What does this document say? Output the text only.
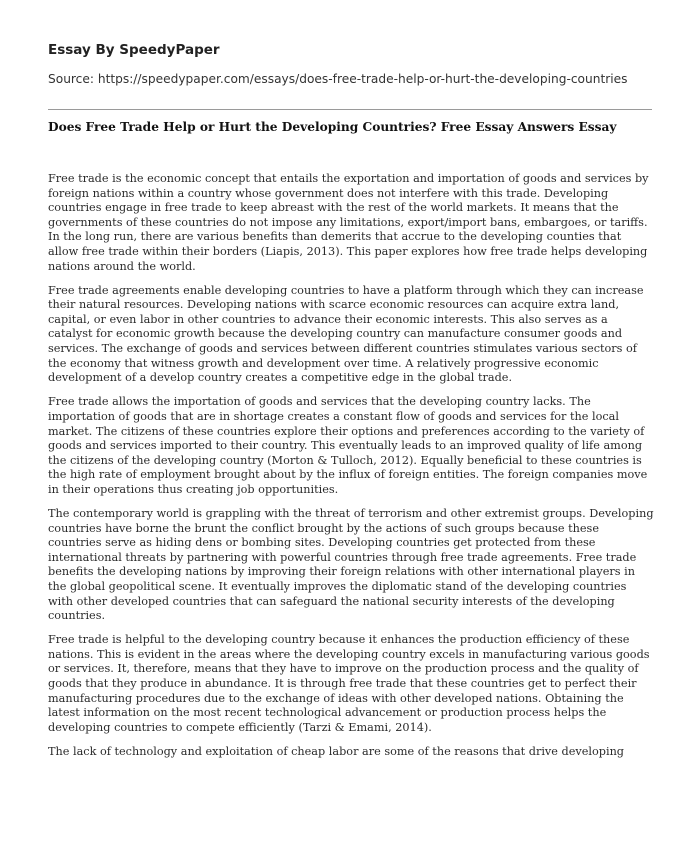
Essay By SpeedyPaper
Source: https://speedypaper.com/essays/does-free-trade-help-or-hurt-the-developing-countries
Does Free Trade Help or Hurt the Developing Countries? Free Essay Answers Essay

Free trade is the economic concept that entails the exportation and importation of goods and services by foreign nations within a country whose government does not interfere with this trade. Developing countries engage in free trade to keep abreast with the rest of the world markets. It means that the governments of these countries do not impose any limitations, export/import bans, embargoes, or tariffs. In the long run, there are various benefits than demerits that accrue to the developing counties that allow free trade within their borders (Liapis, 2013). This paper explores how free trade helps developing nations around the world.

Free trade agreements enable developing countries to have a platform through which they can increase their natural resources. Developing nations with scarce economic resources can acquire extra land, capital, or even labor in other countries to advance their economic interests. This also serves as a catalyst for economic growth because the developing country can manufacture consumer goods and services. The exchange of goods and services between different countries stimulates various sectors of the economy that witness growth and development over time. A relatively progressive economic development of a develop country creates a competitive edge in the global trade.

Free trade allows the importation of goods and services that the developing country lacks. The importation of goods that are in shortage creates a constant flow of goods and services for the local market. The citizens of these countries explore their options and preferences according to the variety of goods and services imported to their country. This eventually leads to an improved quality of life among the citizens of the developing country (Morton & Tulloch, 2012). Equally beneficial to these countries is the high rate of employment brought about by the influx of foreign entities. The foreign companies move in their operations thus creating job opportunities.

The contemporary world is grappling with the threat of terrorism and other extremist groups. Developing countries have borne the brunt the conflict brought by the actions of such groups because these countries serve as hiding dens or bombing sites. Developing countries get protected from these international threats by partnering with powerful countries through free trade agreements. Free trade benefits the developing nations by improving their foreign relations with other international players in the global geopolitical scene. It eventually improves the diplomatic stand of the developing countries with other developed countries that can safeguard the national security interests of the developing countries.

Free trade is helpful to the developing country because it enhances the production efficiency of these nations. This is evident in the areas where the developing country excels in manufacturing various goods or services. It, therefore, means that they have to improve on the production process and the quality of goods that they produce in abundance. It is through free trade that these countries get to perfect their manufacturing procedures due to the exchange of ideas with other developed nations. Obtaining the latest information on the most recent technological advancement or production process helps the developing countries to compete efficiently (Tarzi & Emami, 2014).

The lack of technology and exploitation of cheap labor are some of the reasons that drive developing
